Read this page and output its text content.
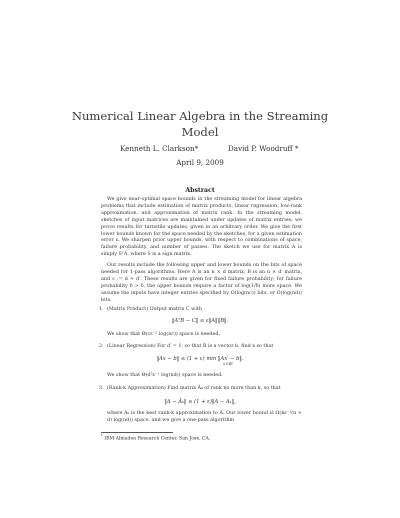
Numerical Linear Algebra in the Streaming Model
Kenneth L. Clarkson*	David P. Woodruff *
April 9, 2009
Abstract
We give near-optimal space bounds in the streaming model for linear algebra problems that include estimation of matrix products, linear regression, low-rank approximation, and approximation of matrix rank. In the streaming model, sketches of input matrices are maintained under updates of matrix entries; we prove results for turnstile updates, given in an arbitrary order. We give the first lower bounds known for the space needed by the sketches, for a given estimation error ε. We sharpen prior upper bounds, with respect to combinations of space, failure probability, and number of passes. The sketch we use for matrix A is simply SᵀA, where S is a sign matrix.
Our results include the following upper and lower bounds on the bits of space needed for 1-pass algorithms. Here A is an n × d matrix, B is an n × d′ matrix, and c := d + d′. These results are given for fixed failure probability; for failure probability δ > 0, the upper bounds require a factor of log(1/δ) more space. We assume the inputs have integer entries specified by O(log(nc)) bits, or O(log(nd)) bits.
1. (Matrix Product) Output matrix C with
‖AᵀB − C‖ ≤ ε‖A‖‖B‖.
We show that Θ(cε⁻² log(nc)) space is needed.
2. (Linear Regression) For d′ = 1, so that B is a vector b, find x so that
‖Ax − b‖ ≤ (1 + ε) min ‖Ax′ − b‖.
x′∈ℝᵈ
We show that Θ(d²ε⁻¹ log(nd)) space is needed.
3. (Rank-k Approximation) Find matrix Ãₖ of rank no more than k, so that
‖A − Ãₖ‖ ≤ (1 + ε)‖A − Aₖ‖,
where Aₖ is the best rank-k approximation to A. Our lower bound is Ω(kε⁻¹(n + d) log(nd)) space, and we give a one-pass algorithm
* IBM Almaden Research Center, San Jose, CA.
